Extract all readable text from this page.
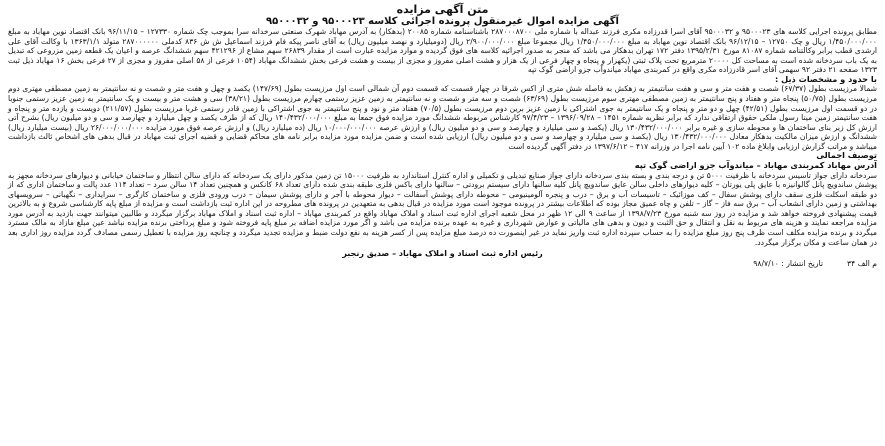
متن آگهی مزایده
آگهی مزایده اموال غیرمنقول پرونده اجرائی کلاسه ۹۵۰۰۰۲۳ و ۹۵۰۰۰۳۲

مطابق پرونده اجرایی کلاسه های ۹۵۰۰۰۲۳ و ۹۵۰۰۰۳۲ آقای اسرا قدرزاده مکری فرزند عبداله با شماره ملی ۲۸۷۰۰۰۸۷۰۰ باشناسنامه شماره ۲۰۰۸۵ (بدهکار) به آدرس مهاباد شهرک صنعتی سرخدانه سرا بموجب چک شماره ۱۲۷۳۳۰ – ۹۶/۱۱/۱۵ بانک اقتصاد نوین مهاباد به مبلغ ۱/۴۵۰/۰۰۰/۰۰۰ ریال و چک ۱۲۷۵۰ – ۹۶/۱۲/۱۵ بانک اقتصاد نوین مهاباد به مبلغ ۱/۴۵۰/۰۰۰/۰۰۰ ریال مجموعا مبلغ ۲/۹۰۰/۰۰۰/۰۰۰ ریال (دومیلیارد و نهصد میلیون ریال) به آقای ناصر پیکه فام فرزند اسماعیل ش ش ۸۳۶ کدملی ۲۸۷۰۰۰۰۰۰ متولد ۱۳۶۳/۱/۱ با وکالت آقای علی ارشدی قطب برابر وکالتنامه شماره ۸۱۰۸۷ مورخ ۱۳۹۵/۲/۳۱ دفتر ۱۷۲ تهران بدهکار می باشد که منجر به صدور اجرائیه کلاسه های فوق گردیده و موارد مزایده عبارت است از مقدار ۲۶۸۳۹ سهم مشاع از ۴۲۱۲۹۶ سهم ششدانگ عرصه و اعیان یک قطعه زمین مزروعی که تبدیل به یک باب سردخانه شده است به مساحت کل ۲۰۰۰۰ مترمربع تحت پلاک ثبتی (یکهزار و پنجاه و چهار فرعی از یک هزار و هشت اصلی مفروز و مجزی از بیست و هشت فرعی بخش ششدانگ مهاباد (۱۰۵۴ فرعی از ۵۸ اصلی مفروز و مجزی از ۲۷ فرعی بخش ۱۶ مهاباد ذیل ثبت ۱۳۲۳ صفحه ۲۱ دفتر ۹۲ سهمی آقای اسر قادرزاده مکری واقع در کمربندی مهاباد میاندوآب جزو اراضی گوک تپه

با حدود و مشخصات ذیل :

شمالا مرزیست بطول (۶۷/۳۷) شصت و هفت متر و سی و هفت سانتیمتر به زهکش به فاصله شش متری از اکس شرقا در چهار قسمت که قسمت دوم آن شمالی است اول مرزیست بطول (۱۴۷/۶۹) یکصد و چهل و هفت متر و شصت و نه سانتیمتر به زمین مصطفی مهتری دوم مرزیست بطول (۵۰/۷۵) پنجاه متر و هفتاد و پنج سانتیمتر به زمین مصطفی مهتری سوم مرزیست بطول (۶۳/۶۹) شصت و سه متر و شصت و نه سانتیمتر به زمین عزیز رستمی چهارم مرزیست بطول (۳۸/۲۱) سی و هشت متر و بیست و یک سانتیمتر به زمین عزیز رستمی جنوبا در دو قسمت اول مرزیست بطول (۴۲/۵۱) چهل و دو متر و پنجاه و یک سانتیمتر به جوی اشتراکی با زمین عزیز برین دوم مرزیست بطول (۷۰/۵) هفتاد متر و نود و پنج سانتیمتر به جوی اشتراکی با زمین قادر رستمی غربا مرزیست بطول (۲۱۱/۵۷) دویست و یازده متر و پنجاه و هفت سانتیمتر زمین مینا رسول ملکی حقوق ارتفاقی ندارد که برابر نظریه شماره ۱۴۵۱ – ۱۳۹۶/۰۹/۲۸ – ۹۷/۴/۲۳ کارشناس مربوطه ششدانگ مورد مزایده فوق جمعا به مبلغ ۱۴۰/۴۳۲/۰۰۰/۰۰۰ ریال که از طرف یکصد و چهل میلیارد و چهارصد و سی و دو میلیون ریال) بشرح آتی ارزش کل زیر بنای ساختمان ها و محوطه سازی و غیره برابر ۱۳۰/۴۳۲/۰۰۰/۰۰۰ ریال (یکصد و سی میلیارد و چهارصد و سی و دو میلیون ریال) و ارزش عرصه ۱۰/۰۰۰/۰۰۰/۰۰۰ ریال (ده میلیارد ریال) و ارزش عرصه فوق مورد مزایده ۲۶/۰۰۰/۰۰۰/۰۰۰ ریال (بیست میلیارد ریال) ششدانگ و ارزش میزان مالکیت بدهکار معادل ۱۳۰/۴۳۲/۰۰۰/۰۰۰ ریال (یکصد و سی میلیارد و چهارصد و سی و دو میلیون ریال) ارزیابی شده است و ضمن مزایده مورد مزایده برابر نامه های محاکم قضایی و قضیه اجرای ثبت مهاباد در قبال بدهی های اشخاص ثالث بازداشت میباشد و مراتب گزارش ارزیابی وابلاغ ماده ۱۰۲ آیین نامه اجرا در وزرانه ۴۱۷ – ۱۳۹۷/۶/۱۲ در دفتر آگهی گردیده است

توصیف اجمالی

آدرس مهاباد کمربندی مهاباد – میاندوآب جزو اراضی گوک تپه

سردخانه دارای جواز تاسیس سردخانه با ظرفیت ۵۰۰۰ تن و درجه بندی و بسته بندی سردخانه دارای جواز صنایع تبدیلی و تکمیلی و اداره کنترل استاندارد به ظرفیت ۱۵۰۰۰ تن زمین مذکور دارای یک سردخانه که دارای سالن انتظار و ساختمان خیابانی و دیوارهای سردخانه مجهز به پوشش ساندویچ پانل گالوانیزه با عایق پلی یورتان – کلیه دیوارهای داخلی سالن عایق ساندویچ پانل کلیه سالنها دارای سیستم برودتی – سالنها دارای باکس فلزی طبقه بندی شده دارای تعداد ۶۸ کانکس و همچنین تعداد ۱۴ سالن سرد – تعداد ۱۱۴ عدد پالت و ساختمان اداری که از دو طبقه اسکلت فلزی سقف دارای پوشش سفال – کف موزائیک – تاسیسات آب و برق – درب و پنجره آلومینیومی – محوطه دارای پوشش آسفالت – دیوار محوطه با آجر و دارای پوشش سیمان – درب ورودی فلزی و ساختمان کارگری – سرایداری – نگهبانی – سرویسهای بهداشتی و زمین دارای انشعاب آب – برق سه فاز – گاز – تلفن و چاه عمیق مجاز بوده که اطلاعات بیشتر در پرونده موجود است مورد مزایده در قبال بدهی به متعهدین در پرونده های مطروحه در این اداره ثبت بازداشت است و مزایده از مبلغ پایه کارشناسی شروع و به بالاترین قیمت پیشنهادی فروخته خواهد شد و مزایده در روز سه شنبه مورخ ۱۳۹۸/۷/۲۳ از ساعت ۹ الی ۱۲ ظهر در محل شعبه اجرای اداره ثبت اسناد و املاک مهاباد واقع در کمربندی مهاباد – اداره ثبت اسناد و املاک مهاباد برگزار میگردد و طالبین میتوانند جهت بازدید به آدرس مورد مزایده مراجعه نمایند و هزینه های مربوط به نقل و انتقال و حق الثبت و دیون و بدهی های مالیاتی و عوارض شهرداری و غیره به عهده برنده مزایده می باشد و اگر مورد مزایده اضافه بر مبلغ پایه فروخته شود و مبلغ پرداختی برنده مزایده نباشد عین مبلغ مازاد به مالک مسترد میگردد و برنده مزایده مکلف است ظرف پنج روز مبلغ مزایده را به حساب سپرده اداره ثبت واریز نماید در غیر اینصورت ده درصد مبلغ مزایده پس از کسر هزینه به نفع دولت ضبط و مزایده تجدید میگردد و چنانچه روز مزایده با تعطیل رسمی مصادف گردد مزایده روز اداری بعد در همان ساعت و مکان برگزار میگردد.

رئیس اداره ثبت اسناد و املاک مهاباد – صدیق رنجبر
تاریخ انتشار : ۹۸/۷/۱۰	م الف ۳۴
